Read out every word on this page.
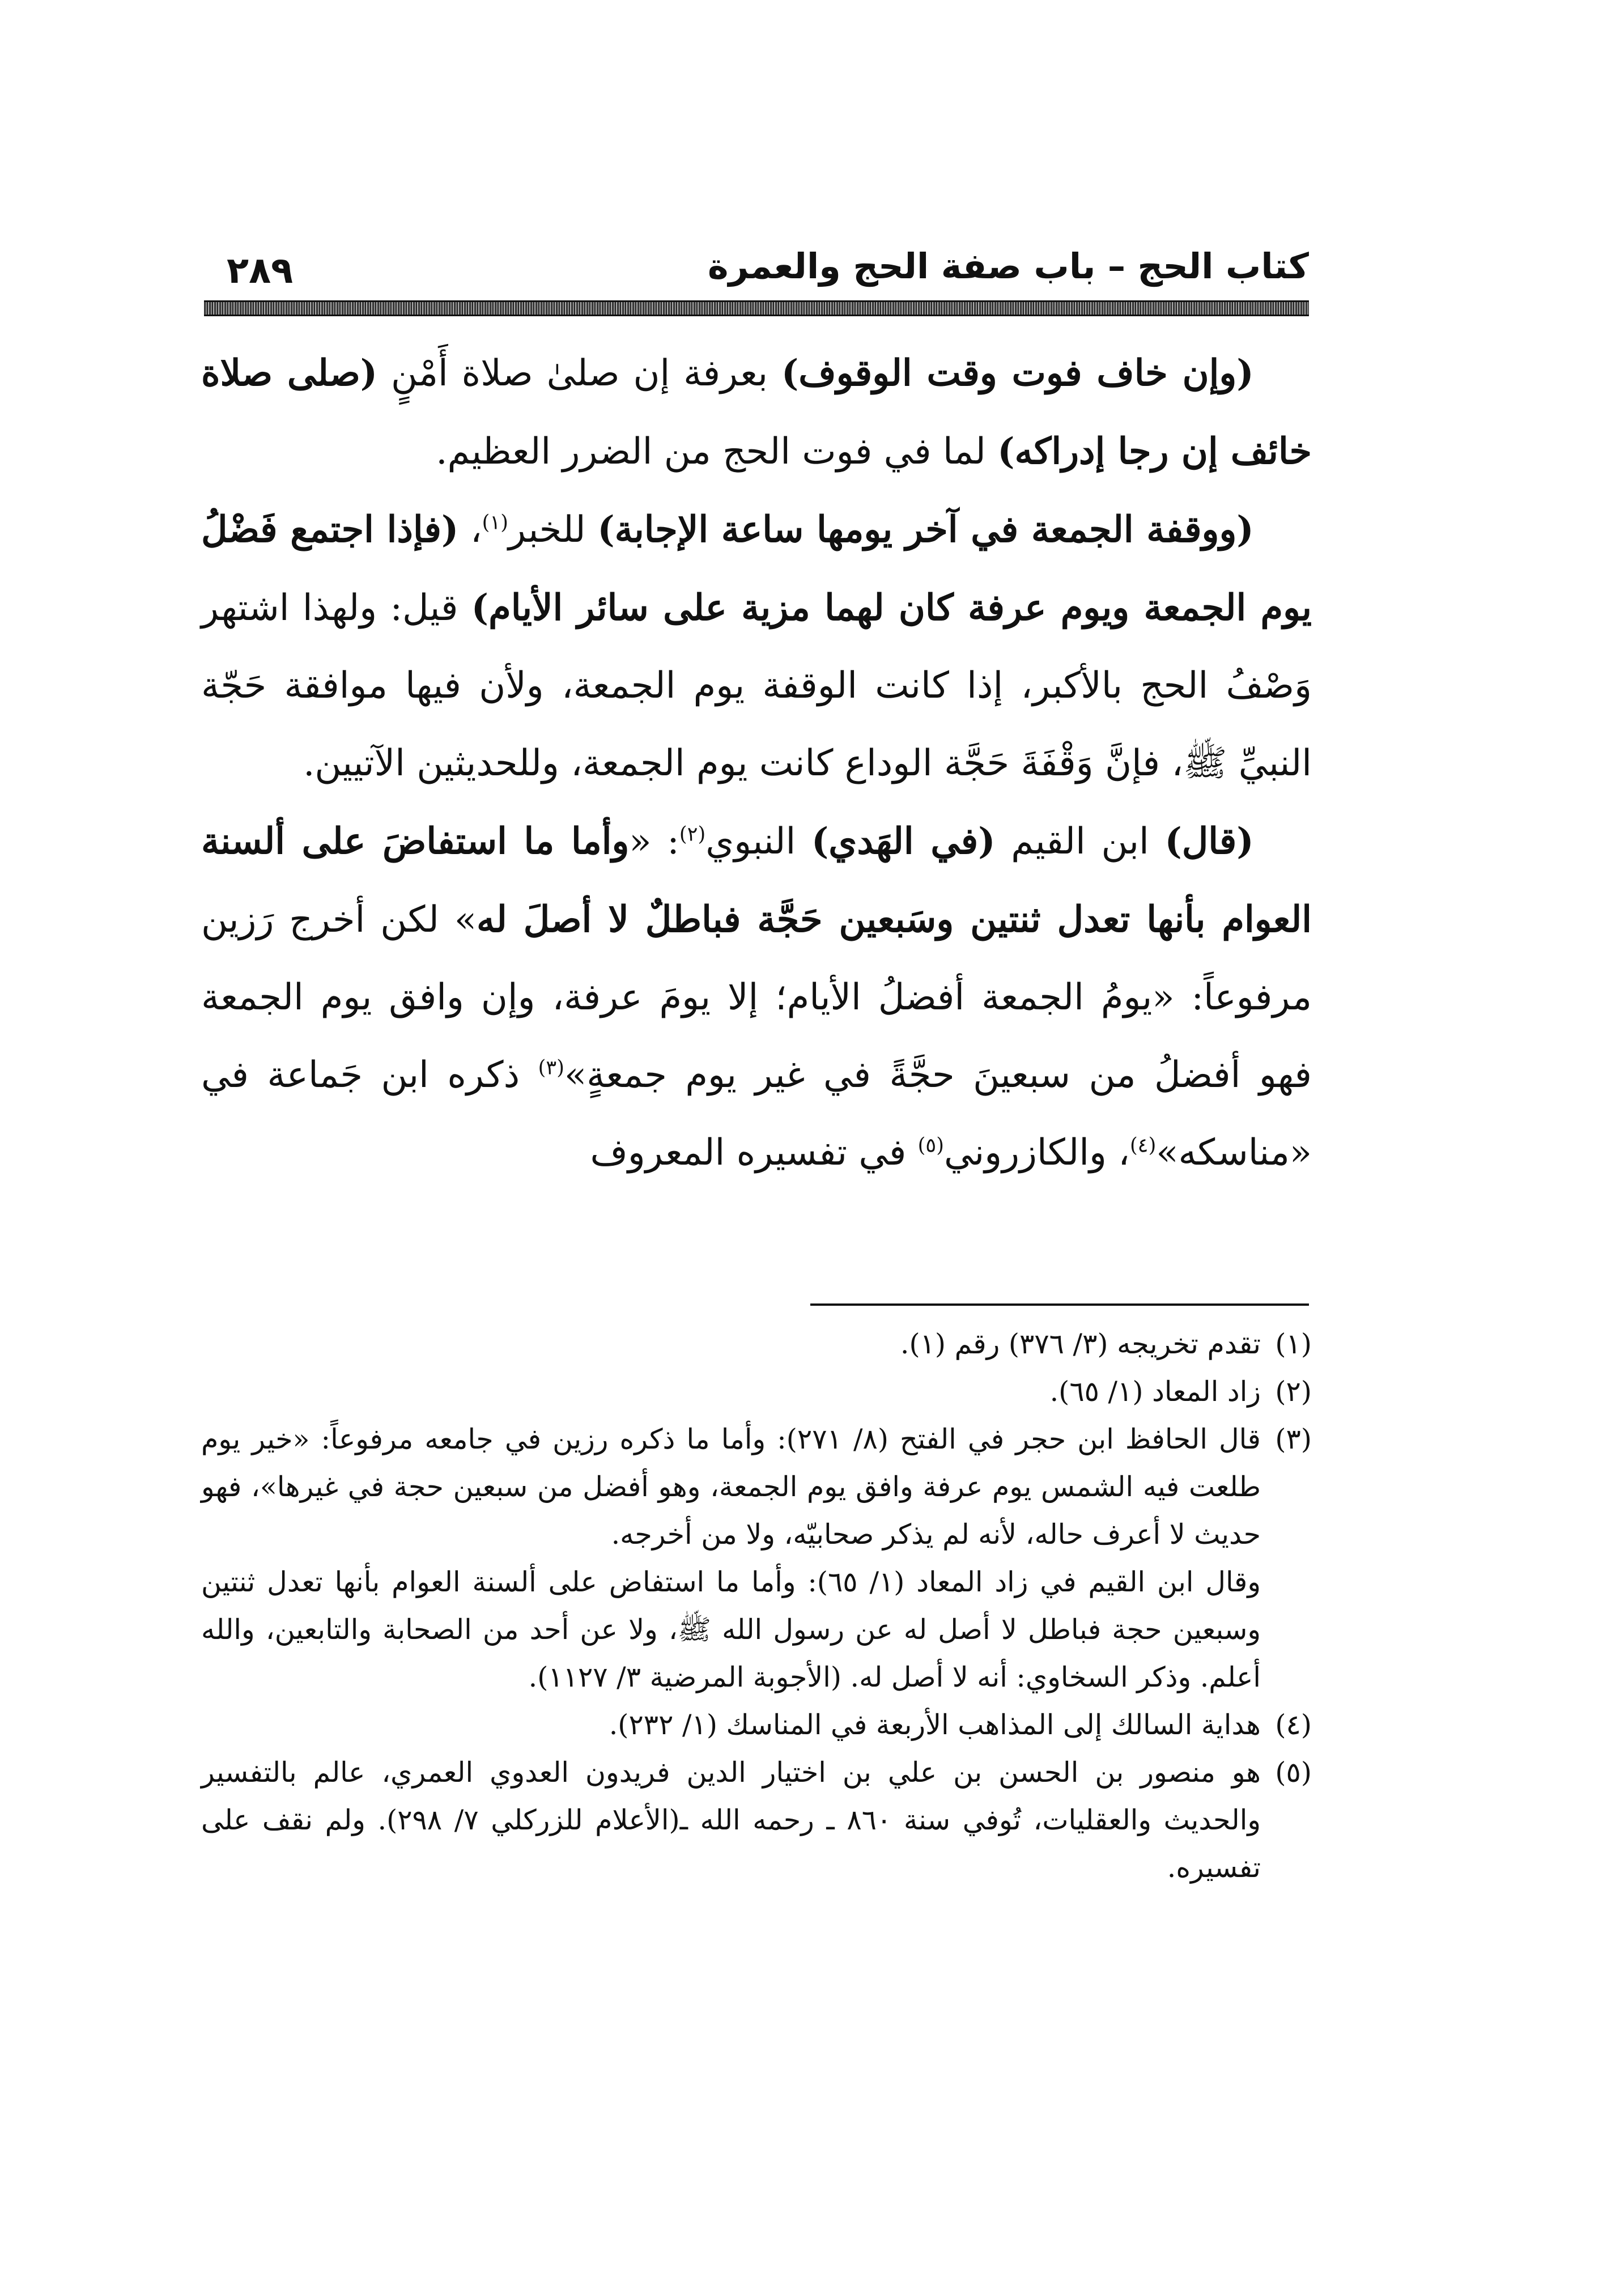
كتاب الحج – باب صفة الحج والعمرة
٢٨٩

(وإن خاف فوت وقت الوقوف) بعرفة إن صلىٰ صلاة أَمْنٍ (صلى صلاة خائف إن رجا إدراكه) لما في فوت الحج من الضرر العظيم.

(ووقفة الجمعة في آخر يومها ساعة الإجابة) للخبر$^{(١)}$، (فإذا اجتمع فَضْلُ يوم الجمعة ويوم عرفة كان لهما مزية على سائر الأيام) قيل: ولهذا اشتهر وَصْفُ الحج بالأكبر، إذا كانت الوقفة يوم الجمعة، ولأن فيها موافقة حَجّة النبيِّ ﷺ، فإنَّ وَقْفَةَ حَجَّة الوداع كانت يوم الجمعة، وللحديثين الآتيين.

(قال) ابن القيم (في الهَدي) النبوي$^{(٢)}$: «وأما ما استفاضَ على ألسنة العوام بأنها تعدل ثنتين وسَبعين حَجَّة فباطلٌ لا أصلَ له» لكن أخرج رَزين مرفوعاً: «يومُ الجمعة أفضلُ الأيام؛ إلا يومَ عرفة، وإن وافق يوم الجمعة فهو أفضلُ من سبعينَ حجَّةً في غير يوم جمعةٍ»$^{(٣)}$ ذكره ابن جَماعة في «مناسكه»$^{(٤)}$، والكازروني$^{(٥)}$ في تفسيره المعروف

(١)

تقدم تخريجه (٣/ ٣٧٦) رقم (١).

(٢)

زاد المعاد (١/ ٦٥).

(٣)

قال الحافظ ابن حجر في الفتح (٨/ ٢٧١): وأما ما ذكره رزين في جامعه مرفوعاً: «خير يوم طلعت فيه الشمس يوم عرفة وافق يوم الجمعة، وهو أفضل من سبعين حجة في غيرها»، فهو حديث لا أعرف حاله، لأنه لم يذكر صحابيّه، ولا من أخرجه.

وقال ابن القيم في زاد المعاد (١/ ٦٥): وأما ما استفاض على ألسنة العوام بأنها تعدل ثنتين وسبعين حجة فباطل لا أصل له عن رسول الله ﷺ، ولا عن أحد من الصحابة والتابعين، والله أعلم. وذكر السخاوي: أنه لا أصل له. (الأجوبة المرضية ٣/ ١١٢٧).

(٤)

هداية السالك إلى المذاهب الأربعة في المناسك (١/ ٢٣٢).

(٥)

هو منصور بن الحسن بن علي بن اختيار الدين فريدون العدوي العمري، عالم بالتفسير والحديث والعقليات، تُوفي سنة ٨٦٠ ـ رحمه الله ـ(الأعلام للزركلي ٧/ ٢٩٨). ولم نقف على تفسيره.
